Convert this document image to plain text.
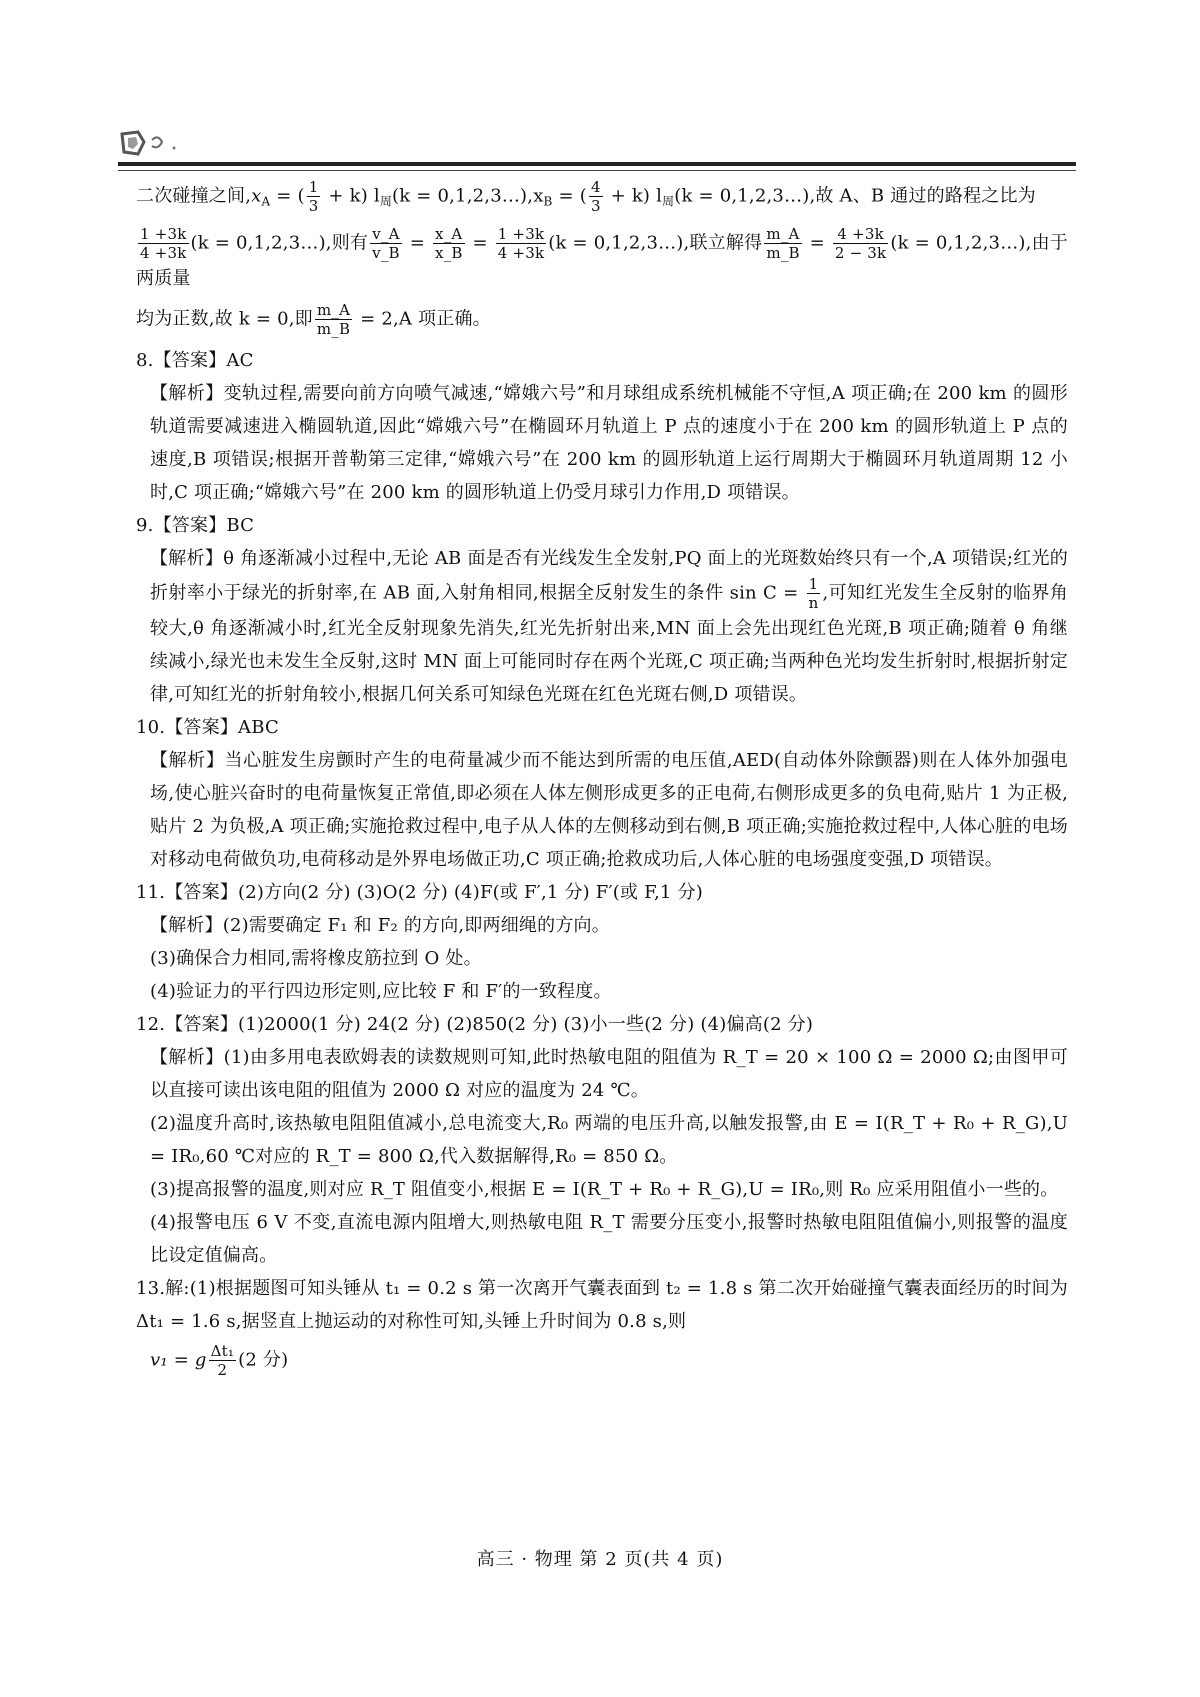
二次碰撞之间$,x_A$ = ( $\frac{1}{3} + k$) $l_周(k$ = $0,1,2,3\dots),x_B$ = ( $\frac{4}{3} + k$) $l_周(k$ = 0,1,2,3…),故 A、B 通过的路程之比为

$\frac{1 +3k}{4 +3k} (k$ = 0,1,2,3…),则有 $\frac{v\_A}{v\_B} = \frac{x\_A}{x\_B} = \frac{1 +3k}{4 +3k} (k$ = 0,1,2,3…),联立解得 $\frac{m\_A}{m\_B} = \frac{4 +3k}{2 - 3k} (k$ = 0,1,2,3…),由于两质量

均为正数,故 k = 0,即 $\frac{m\_A}{m\_B} = 2,A$ 项正确。

8.【答案】AC

【解析】变轨过程,需要向前方向喷气减速,“嫦娥六号”和月球组成系统机械能不守恒,A 项正确;在 200 km 的圆形轨道需要减速进入椭圆轨道,因此“嫦娥六号”在椭圆环月轨道上 P 点的速度小于在 200 km 的圆形轨道上 P 点的速度,B 项错误;根据开普勒第三定律,“嫦娥六号”在 200 km 的圆形轨道上运行周期大于椭圆环月轨道周期 12 小时,C 项正确;“嫦娥六号”在 200 km 的圆形轨道上仍受月球引力作用,D 项错误。

9.【答案】BC

【解析】θ 角逐渐减小过程中,无论 AB 面是否有光线发生全发射,PQ 面上的光斑数始终只有一个,A 项错误;红光的折射率小于绿光的折射率,在 AB 面,入射角相同,根据全反射发生的条件 $\sin C = \frac{1}{n}$ ,可知红光发生全反射的临界角较大,θ 角逐渐减小时,红光全反射现象先消失,红光先折射出来,MN 面上会先出现红色光斑,B 项正确;随着 θ 角继续减小,绿光也未发生全反射,这时 MN 面上可能同时存在两个光斑,C 项正确;当两种色光均发生折射时,根据折射定律,可知红光的折射角较小,根据几何关系可知绿色光斑在红色光斑右侧,D 项错误。

10.【答案】ABC

【解析】当心脏发生房颤时产生的电荷量减少而不能达到所需的电压值,AED(自动体外除颤器)则在人体外加强电场,使心脏兴奋时的电荷量恢复正常值,即必须在人体左侧形成更多的正电荷,右侧形成更多的负电荷,贴片 1 为正极,贴片 2 为负极,A 项正确;实施抢救过程中,电子从人体的左侧移动到右侧,B 项正确;实施抢救过程中,人体心脏的电场对移动电荷做负功,电荷移动是外界电场做正功,C 项正确;抢救成功后,人体心脏的电场强度变强,D 项错误。

11.【答案】(2)方向(2 分) (3)O(2 分) (4)F(或 F′,1 分) F′(或 F,1 分)

【解析】(2)需要确定 F₁ 和 F₂ 的方向,即两细绳的方向。

(3)确保合力相同,需将橡皮筋拉到 O 处。

(4)验证力的平行四边形定则,应比较 F 和 F′的一致程度。

12.【答案】(1)2000(1 分) 24(2 分) (2)850(2 分) (3)小一些(2 分) (4)偏高(2 分)

【解析】(1)由多用电表欧姆表的读数规则可知,此时热敏电阻的阻值为 R_T = 20 × 100 Ω = 2000 Ω;由图甲可以直接可读出该电阻的阻值为 2000 Ω 对应的温度为 24 ℃。

(2)温度升高时,该热敏电阻阻值减小,总电流变大,R₀ 两端的电压升高,以触发报警,由 E = I(R_T + R₀ + R_G),U = IR₀,60 ℃对应的 R_T = 800 Ω,代入数据解得,R₀ = 850 Ω。

(3)提高报警的温度,则对应 R_T 阻值变小,根据 E = I(R_T + R₀ + R_G),U = IR₀,则 R₀ 应采用阻值小一些的。

(4)报警电压 6 V 不变,直流电源内阻增大,则热敏电阻 R_T 需要分压变小,报警时热敏电阻阻值偏小,则报警的温度比设定值偏高。

13.解:(1)根据题图可知头锤从 t₁ = 0.2 s 第一次离开气囊表面到 t₂ = 1.8 s 第二次开始碰撞气囊表面经历的时间为 Δt₁ = 1.6 s,据竖直上抛运动的对称性可知,头锤上升时间为 0.8 s,则

v₁ = g $\frac{\text{Δt₁}}{2} (2$ 分)

高三 · 物理 第 2 页(共 4 页)
